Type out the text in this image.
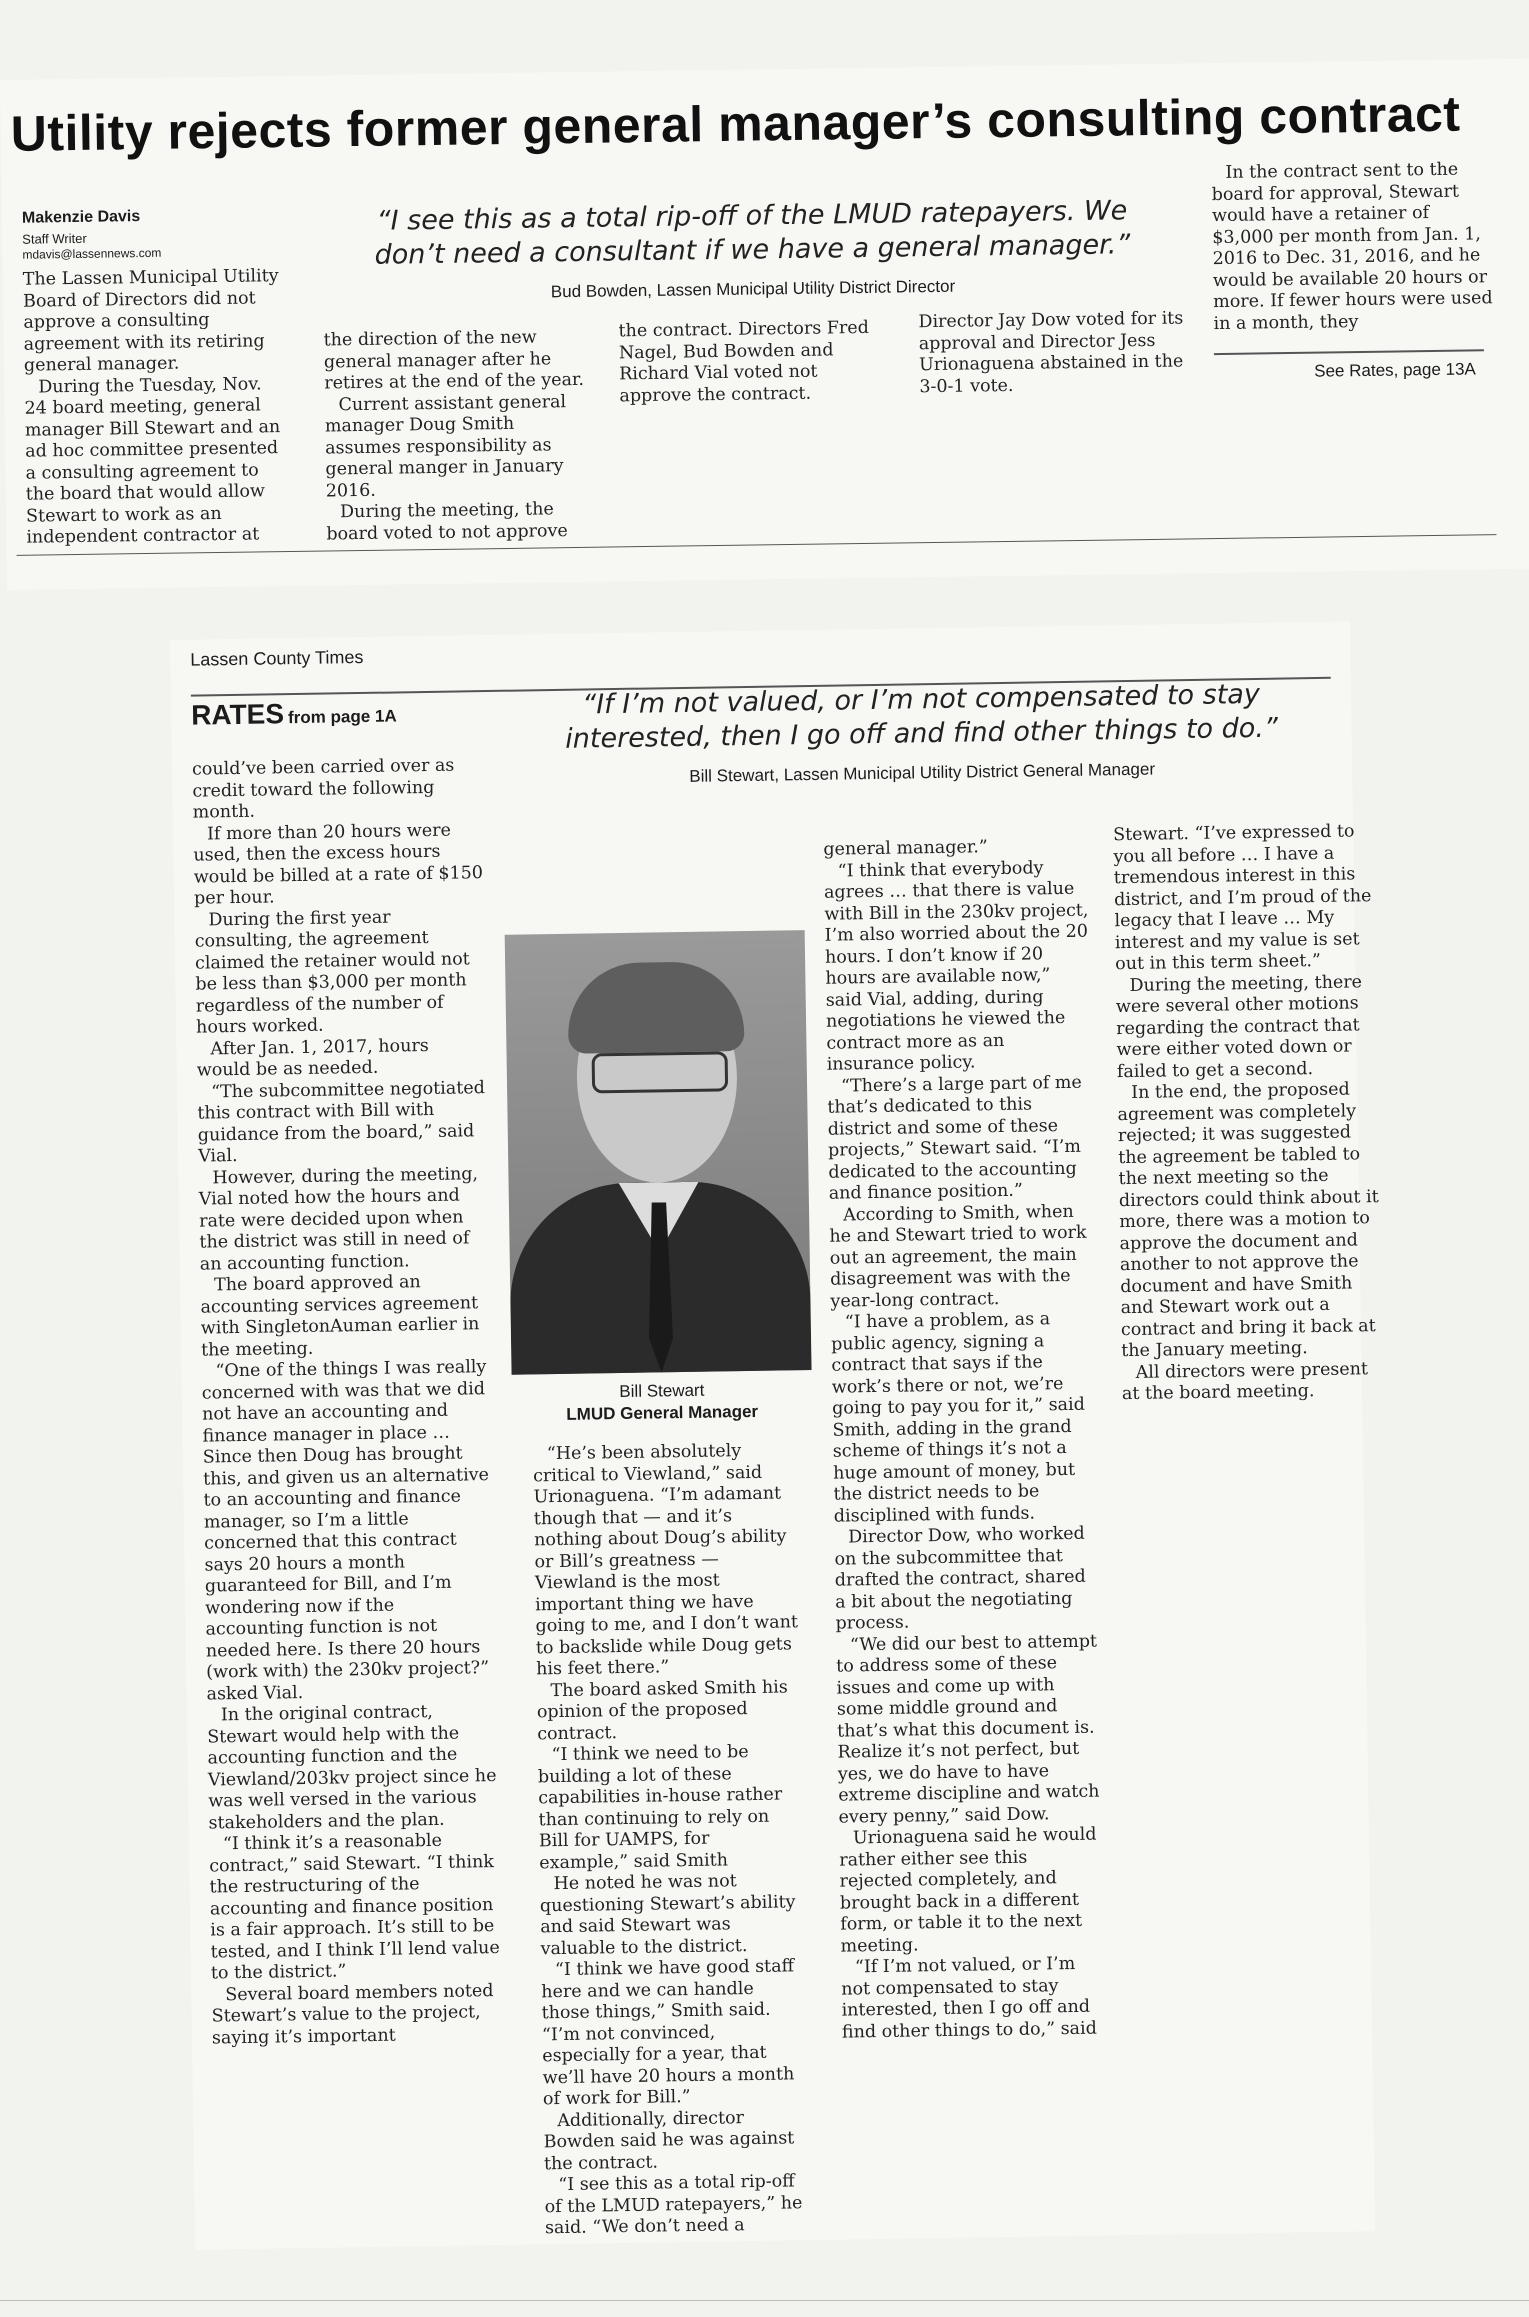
Utility rejects former general manager’s consulting contract
Makenzie Davis
Staff Writer
mdavis@lassennews.com
“I see this as a total rip-off of the LMUD ratepayers. We don’t need a consultant if we have a general manager.”
Bud Bowden, Lassen Municipal Utility District Director

The Lassen Municipal Utility Board of Directors did not approve a consulting agreement with its retiring general manager.

During the Tuesday, Nov. 24 board meeting, general manager Bill Stewart and an ad hoc committee presented a consulting agreement to the board that would allow Stewart to work as an independent contractor at

the direction of the new general manager after he retires at the end of the year.

Current assistant general manager Doug Smith assumes responsibility as general manger in January 2016.

During the meeting, the board voted to not approve

the contract. Directors Fred Nagel, Bud Bowden and Richard Vial voted not approve the contract.

Director Jay Dow voted for its approval and Director Jess Urionaguena abstained in the 3-0-1 vote.

In the contract sent to the board for approval, Stewart would have a retainer of $3,000 per month from Jan. 1, 2016 to Dec. 31, 2016, and he would be available 20 hours or more. If fewer hours were used in a month, they

See Rates, page 13A
Lassen County Times
RATES from page 1A	“If I’m not valued, or I’m not compensated to stay interested, then I go off and find other things to do.”
Bill Stewart, Lassen Municipal Utility District General Manager

could’ve been carried over as credit toward the following month.

If more than 20 hours were used, then the excess hours would be billed at a rate of $150 per hour.

During the first year consulting, the agreement claimed the retainer would not be less than $3,000 per month regardless of the number of hours worked.

After Jan. 1, 2017, hours would be as needed.

“The subcommittee negotiated this contract with Bill with guidance from the board,” said Vial.

However, during the meeting, Vial noted how the hours and rate were decided upon when the district was still in need of an accounting function.

The board approved an accounting services agreement with SingletonAuman earlier in the meeting.

“One of the things I was really concerned with was that we did not have an accounting and finance manager in place … Since then Doug has brought this, and given us an alternative to an accounting and finance manager, so I’m a little concerned that this contract says 20 hours a month guaranteed for Bill, and I’m wondering now if the accounting function is not needed here. Is there 20 hours (work with) the 230kv project?” asked Vial.

In the original contract, Stewart would help with the accounting function and the Viewland/203kv project since he was well versed in the various stakeholders and the plan.

“I think it’s a reasonable contract,” said Stewart. “I think the restructuring of the accounting and finance position is a fair approach. It’s still to be tested, and I think I’ll lend value to the district.”

Several board members noted Stewart’s value to the project, saying it’s important

Bill Stewart
LMUD General Manager

“He’s been absolutely critical to Viewland,” said Urionaguena. “I’m adamant though that — and it’s nothing about Doug’s ability or Bill’s greatness — Viewland is the most important thing we have going to me, and I don’t want to backslide while Doug gets his feet there.”

The board asked Smith his opinion of the proposed contract.

“I think we need to be building a lot of these capabilities in-house rather than continuing to rely on Bill for UAMPS, for example,” said Smith

He noted he was not questioning Stewart’s ability and said Stewart was valuable to the district.

“I think we have good staff here and we can handle those things,” Smith said. “I’m not convinced, especially for a year, that we’ll have 20 hours a month of work for Bill.”

Additionally, director Bowden said he was against the contract.

“I see this as a total rip-off of the LMUD ratepayers,” he said. “We don’t need a

general manager.”

“I think that everybody agrees … that there is value with Bill in the 230kv project, I’m also worried about the 20 hours. I don’t know if 20 hours are available now,” said Vial, adding, during negotiations he viewed the contract more as an insurance policy.

“There’s a large part of me that’s dedicated to this district and some of these projects,” Stewart said. “I’m dedicated to the accounting and finance position.”

According to Smith, when he and Stewart tried to work out an agreement, the main disagreement was with the year-long contract.

“I have a problem, as a public agency, signing a contract that says if the work’s there or not, we’re going to pay you for it,” said Smith, adding in the grand scheme of things it’s not a huge amount of money, but the district needs to be disciplined with funds.

Director Dow, who worked on the subcommittee that drafted the contract, shared a bit about the negotiating process.

“We did our best to attempt to address some of these issues and come up with some middle ground and that’s what this document is. Realize it’s not perfect, but yes, we do have to have extreme discipline and watch every penny,” said Dow.

Urionaguena said he would rather either see this rejected completely, and brought back in a different form, or table it to the next meeting.

“If I’m not valued, or I’m not compensated to stay interested, then I go off and find other things to do,” said

Stewart. “I’ve expressed to you all before … I have a tremendous interest in this district, and I’m proud of the legacy that I leave … My interest and my value is set out in this term sheet.”

During the meeting, there were several other motions regarding the contract that were either voted down or failed to get a second.

In the end, the proposed agreement was completely rejected; it was suggested the agreement be tabled to the next meeting so the directors could think about it more, there was a motion to approve the document and another to not approve the document and have Smith and Stewart work out a contract and bring it back at the January meeting.

All directors were present at the board meeting.
